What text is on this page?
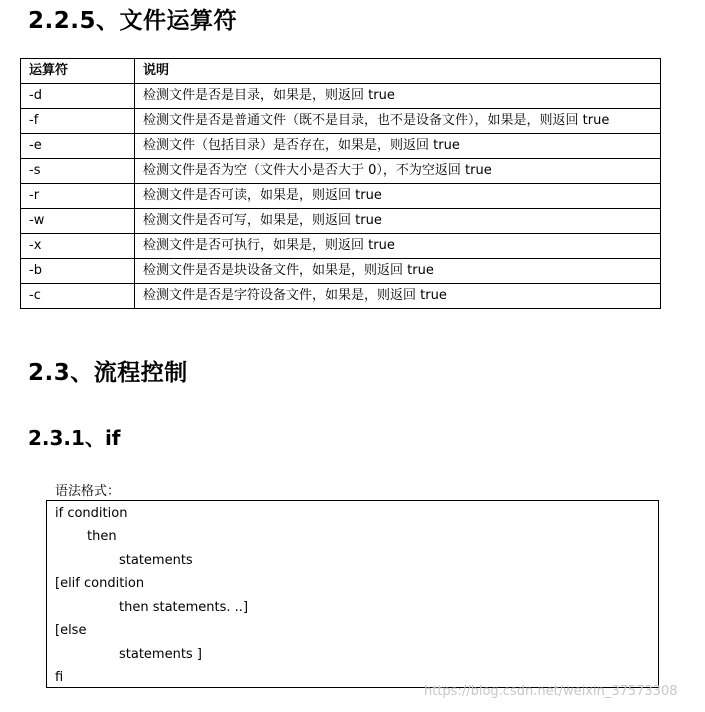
2.2.5、文件运算符
运算符	说明
-d	检测文件是否是目录，如果是，则返回 true
-f	检测文件是否是普通文件（既不是目录，也不是设备文件），如果是，则返回 true
-e	检测文件（包括目录）是否存在，如果是，则返回 true
-s	检测文件是否为空（文件大小是否大于 0），不为空返回 true
-r	检测文件是否可读，如果是，则返回 true
-w	检测文件是否可写，如果是，则返回 true
-x	检测文件是否可执行，如果是，则返回 true
-b	检测文件是否是块设备文件，如果是，则返回 true
-c	检测文件是否是字符设备文件，如果是，则返回 true
2.3、流程控制
2.3.1、if
语法格式：
if condition
then
statements
[elif condition
then statements. ..]
[else
statements ]
fi
https://blog.csdn.net/weixin_37573308
